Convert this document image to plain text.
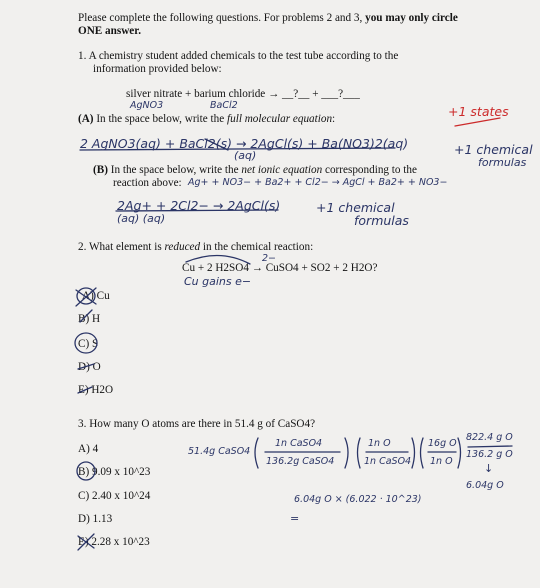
Please complete the following questions. For problems 2 and 3, you may only circle
ONE answer.
1. A chemistry student added chemicals to the test tube according to the
information provided below:
silver nitrate + barium chloride → __?__ + ___?___
AgNO3	BaCl2
(A) In the space below, write the full molecular equation:
2 AgNO3(aq) + BaCl2(s) → 2AgCl(s) + Ba(NO3)2(aq)
(aq)
+1 states
+1 chemical
formulas
(B) In the space below, write the net ionic equation corresponding to the
reaction above: Ag+ + NO3− + Ba2+ + Cl2− → AgCl + Ba2+ + NO3−
2Ag+ + 2Cl2− → 2AgCl(s)
(aq) (aq)
+1 chemical
formulas
2. What element is reduced in the chemical reaction:
2−
Cu + 2 H2SO4 → CuSO4 + SO2 + 2 H2O?
Cu gains e−
A) Cu
B) H
C) S
D) O
E) H2O
3. How many O atoms are there in 51.4 g of CaSO4?
A) 4
B) 9.09 x 10^23
C) 2.40 x 10^24
D) 1.13
E) 2.28 x 10^23
51.4g CaSO4
1n CaSO4
136.2g CaSO4
1n O
1n CaSO4
16g O
1n O
822.4 g O
136.2 g O
↓
6.04g O
6.04g O × (6.022 · 10^23)
=
